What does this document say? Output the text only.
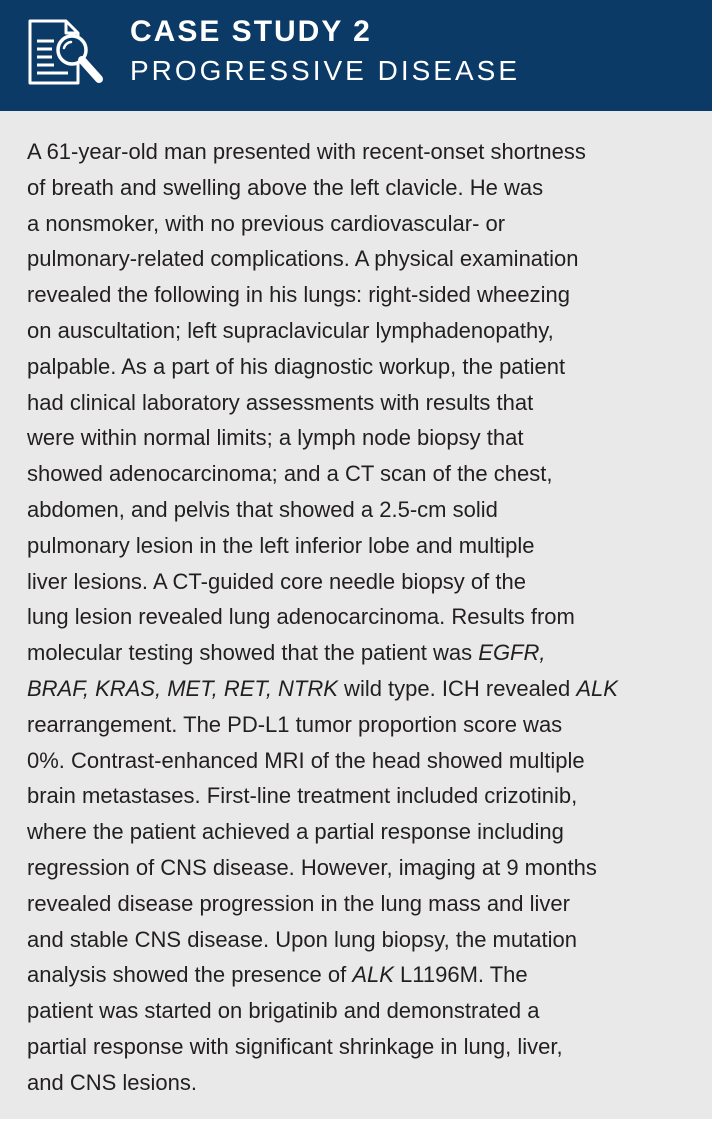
CASE STUDY 2
PROGRESSIVE DISEASE
A 61-year-old man presented with recent-onset shortness
of breath and swelling above the left clavicle. He was
a nonsmoker, with no previous cardiovascular- or
pulmonary-related complications. A physical examination
revealed the following in his lungs: right-sided wheezing
on auscultation; left supraclavicular lymphadenopathy,
palpable. As a part of his diagnostic workup, the patient
had clinical laboratory assessments with results that
were within normal limits; a lymph node biopsy that
showed adenocarcinoma; and a CT scan of the chest,
abdomen, and pelvis that showed a 2.5-cm solid
pulmonary lesion in the left inferior lobe and multiple
liver lesions. A CT-guided core needle biopsy of the
lung lesion revealed lung adenocarcinoma. Results from
molecular testing showed that the patient was EGFR,
BRAF, KRAS, MET, RET, NTRK wild type. ICH revealed ALK
rearrangement. The PD-L1 tumor proportion score was
0%. Contrast-enhanced MRI of the head showed multiple
brain metastases. First-line treatment included crizotinib,
where the patient achieved a partial response including
regression of CNS disease. However, imaging at 9 months
revealed disease progression in the lung mass and liver
and stable CNS disease. Upon lung biopsy, the mutation
analysis showed the presence of ALK L1196M. The
patient was started on brigatinib and demonstrated a
partial response with significant shrinkage in lung, liver,
and CNS lesions.
